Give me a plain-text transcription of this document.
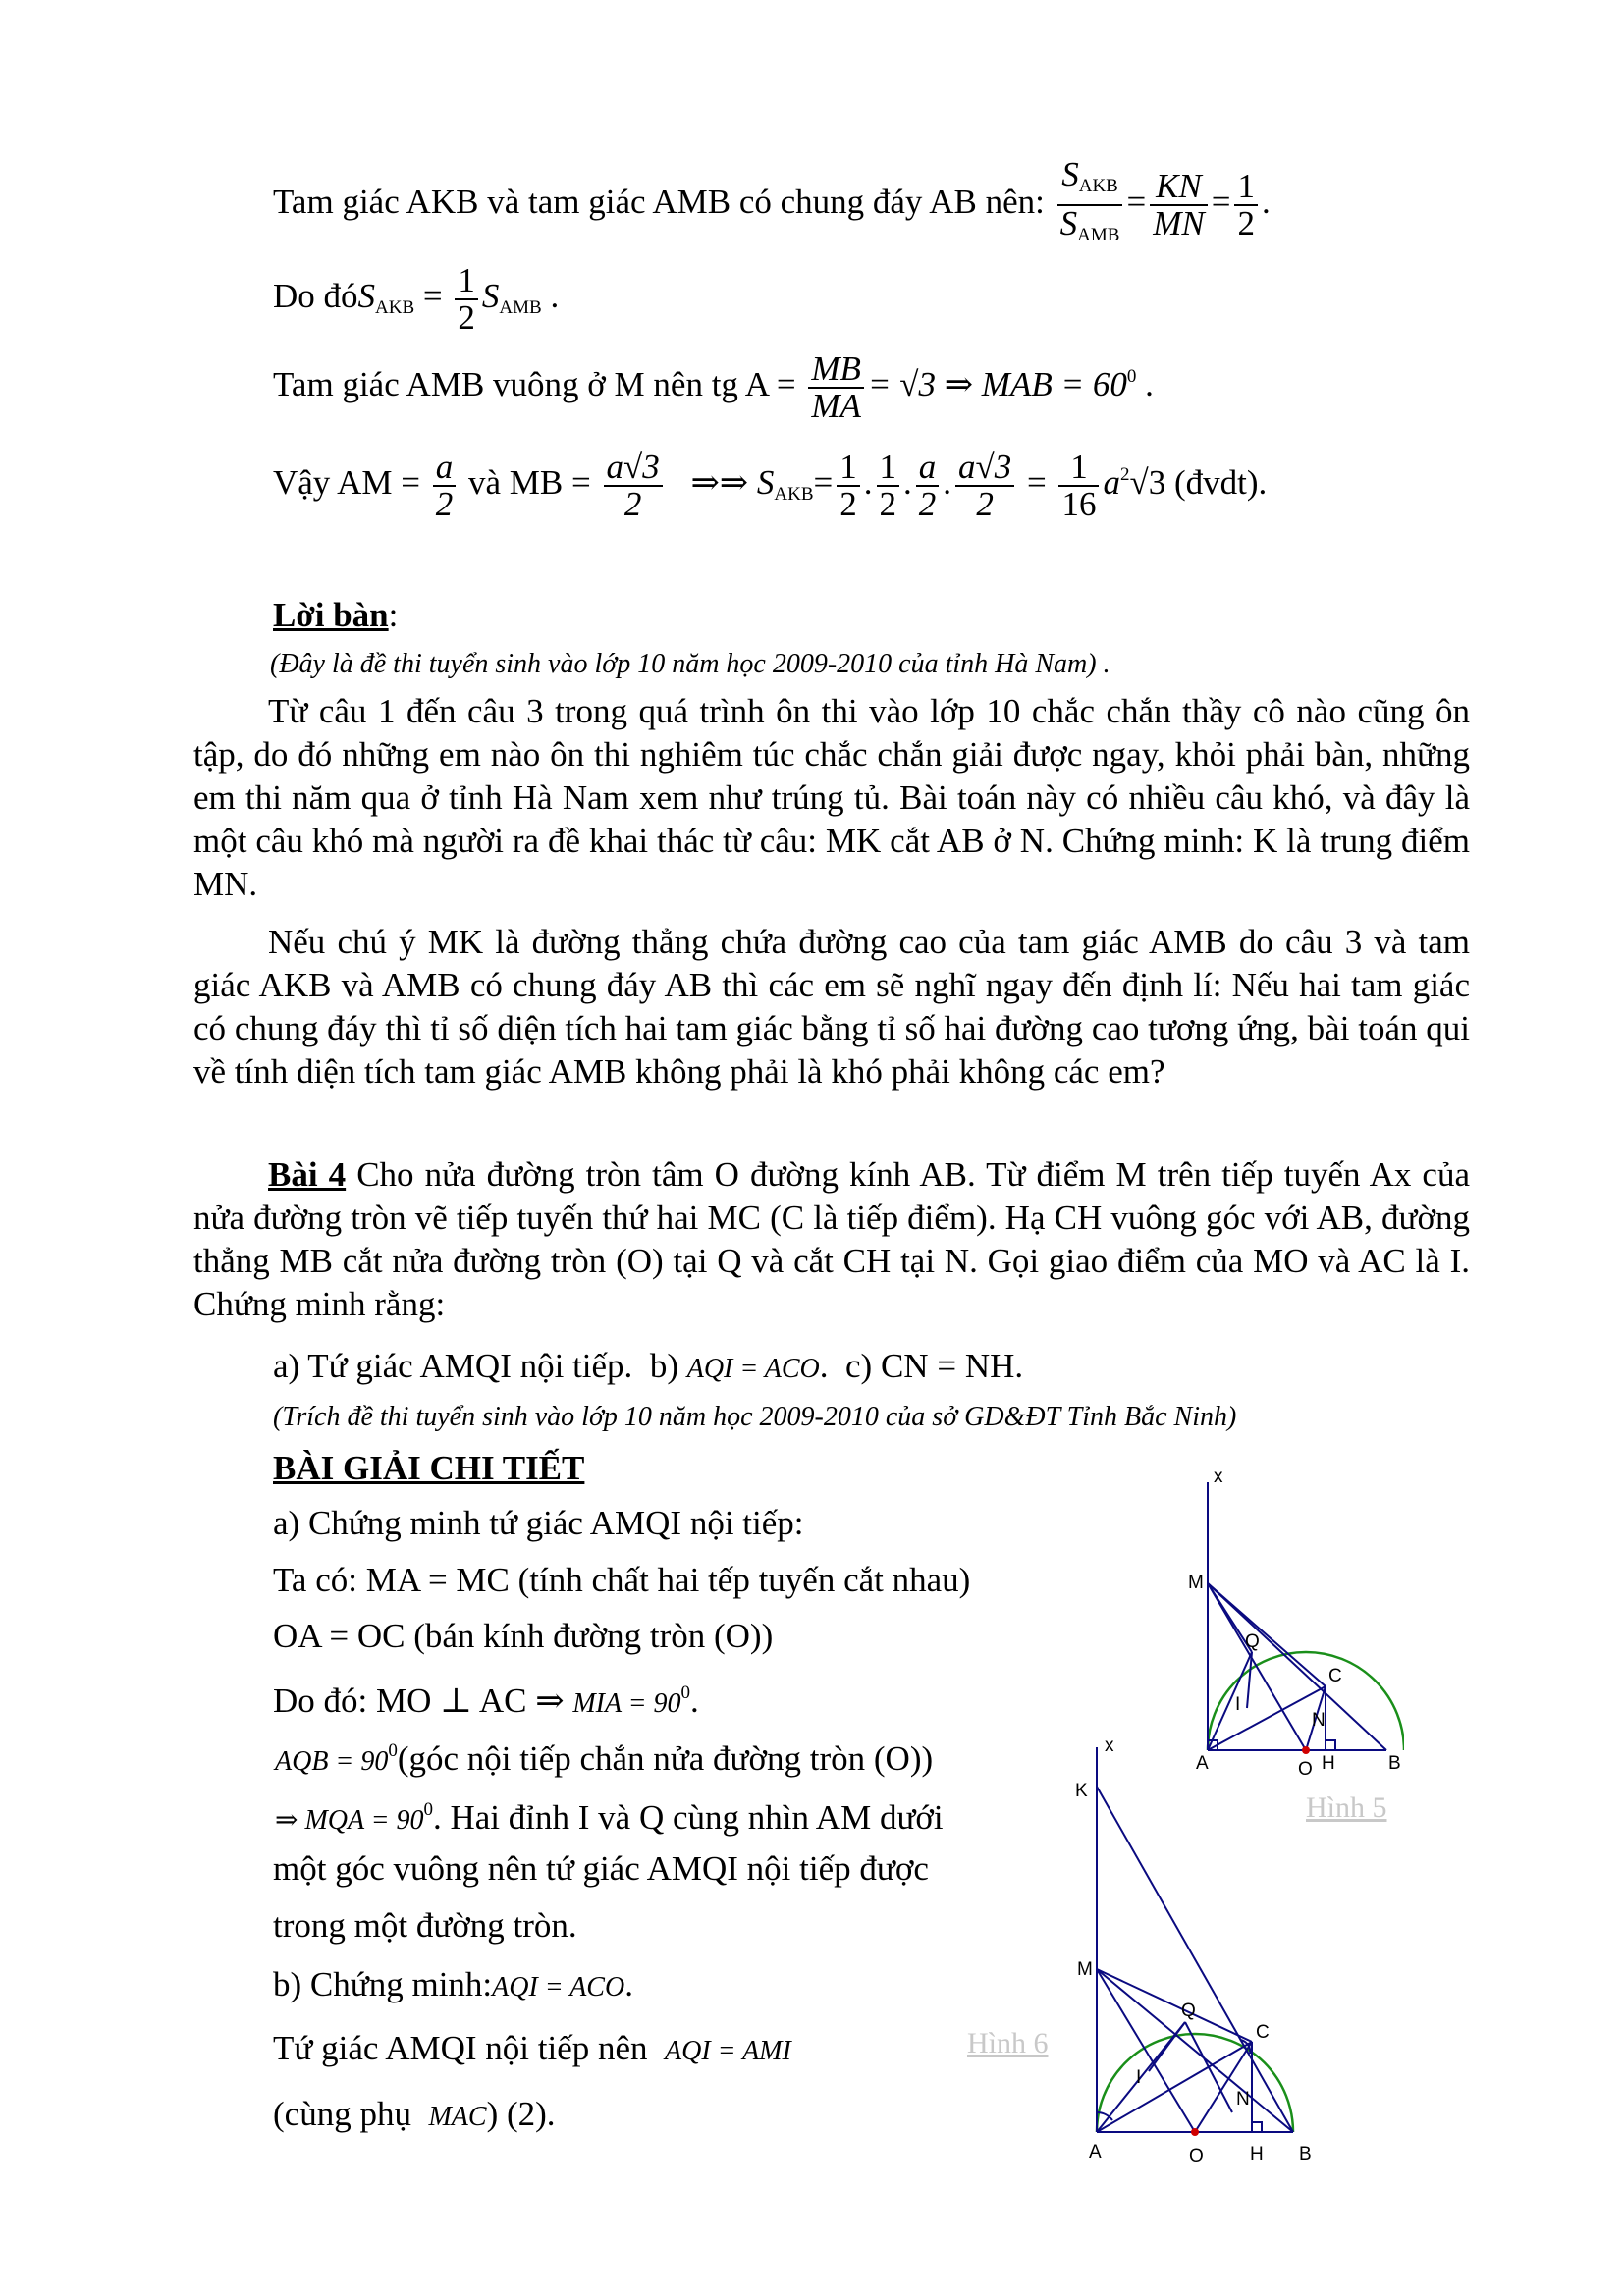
Tam giác AKB và tam giác AMB có chung đáy AB nên: $\frac{S_{AKB}}{S_{AMB}} = \frac{KN}{MN} = \frac{1}{2}$ .
Do đóS$_{AKB}$ = $\frac{1}{2} S_{AMB}$ .
Tam giác AMB vuông ở M nên tg $A = \frac{MB}{MA} = √3$ ⇒ MAB = $60^0$ .
Vậy AM = $\frac{a}{2}$ và MB = $\frac{a√3}{2}$ ⇒⇒ $S_{AKB}= \frac{1}{2}$ . $\frac{1}{2}$ . $\frac{a}{2}$ . $\frac{a√3}{2} = \frac{1}{16} a^2√3$ (đvdt).
Lời bàn:
(Đây là đề thi tuyển sinh vào lớp 10 năm học 2009-2010 của tỉnh Hà Nam) .
Từ câu 1 đến câu 3 trong quá trình ôn thi vào lớp 10 chắc chắn thầy cô nào cũng ôn tập, do đó những em nào ôn thi nghiêm túc chắc chắn giải được ngay, khỏi phải bàn, những em thi năm qua ở tỉnh Hà Nam xem như trúng tủ. Bài toán này có nhiều câu khó, và đây là một câu khó mà người ra đề khai thác từ câu: MK cắt AB ở N. Chứng minh: K là trung điểm MN.
Nếu chú ý MK là đường thẳng chứa đường cao của tam giác AMB do câu 3 và tam giác AKB và AMB có chung đáy AB thì các em sẽ nghĩ ngay đến định lí: Nếu hai tam giác có chung đáy thì tỉ số diện tích hai tam giác bằng tỉ số hai đường cao tương ứng, bài toán qui về tính diện tích tam giác AMB không phải là khó phải không các em?
Bài 4 Cho nửa đường tròn tâm O đường kính AB. Từ điểm M trên tiếp tuyến Ax của nửa đường tròn vẽ tiếp tuyến thứ hai MC (C là tiếp điểm). Hạ CH vuông góc với AB, đường thẳng MB cắt nửa đường tròn (O) tại Q và cắt CH tại N. Gọi giao điểm của MO và AC là I. Chứng minh rằng:
a) Tứ giác AMQI nội tiếp. b) AQI = ACO. c) CN = NH.
(Trích đề thi tuyển sinh vào lớp 10 năm học 2009-2010 của sở GD&ĐT Tỉnh Bắc Ninh)
BÀI GIẢI CHI TIẾT
a) Chứng minh tứ giác AMQI nội tiếp:
Ta có: MA = MC (tính chất hai tếp tuyến cắt nhau)
OA = OC (bán kính đường tròn (O))
Do đó: MO ⊥ AC ⇒ MIA = $90^0$.
AQB = $90^0(góc$ nội tiếp chắn nửa đường tròn (O))
⇒ MQA = $90^0$. Hai đỉnh I và Q cùng nhìn AM dưới
một góc vuông nên tứ giác AMQI nội tiếp được
trong một đường tròn.
b) Chứng minh:AQI = ACO.
Tứ giác AMQI nội tiếp nên AQI = AMI
(cùng phụ MAC) (2).
x
M
Q
C
I
N
A	O H	B
Hình 5
x
K
M
Q
C
I
N
A	O H B
Hình 6
